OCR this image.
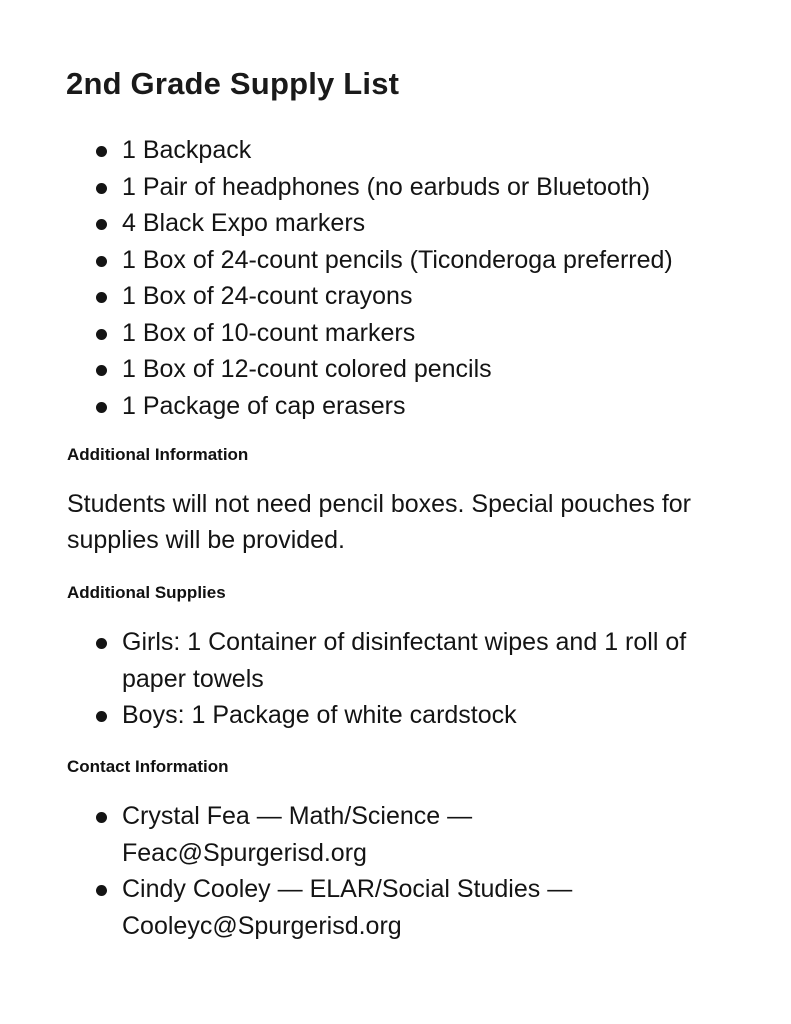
2nd Grade Supply List
1 Backpack
1 Pair of headphones (no earbuds or Bluetooth)
4 Black Expo markers
1 Box of 24-count pencils (Ticonderoga preferred)
1 Box of 24-count crayons
1 Box of 10-count markers
1 Box of 12-count colored pencils
1 Package of cap erasers
Additional Information

Students will not need pencil boxes. Special pouches for supplies will be provided.

Additional Supplies
Girls: 1 Container of disinfectant wipes and 1 roll of paper towels
Boys: 1 Package of white cardstock
Contact Information
Crystal Fea — Math/Science — Feac@Spurgerisd.org
Cindy Cooley — ELAR/Social Studies — Cooleyc@Spurgerisd.org
